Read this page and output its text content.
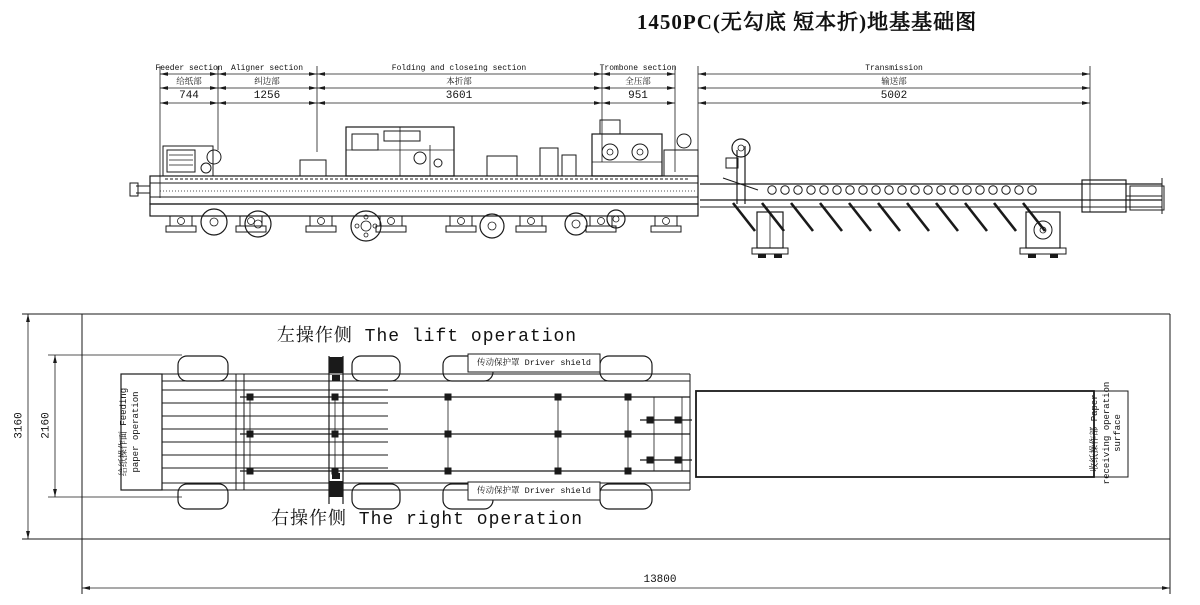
1450PC(无勾底 短本折)地基基础图
Feeder section
给纸部
744
Aligner section
纠边部
1256
Folding and closeing section
本折部
3601
Trombone section
全压部
951
Transmission
输送部
5002
左操作侧 The lift operation
右操作侧 The right operation
传动保护罩 Driver shield
传动保护罩 Driver shield
给纸操作面 Feeding paper operation	收纸操作部 Paper receiving operation surface
3160 2160
13800
